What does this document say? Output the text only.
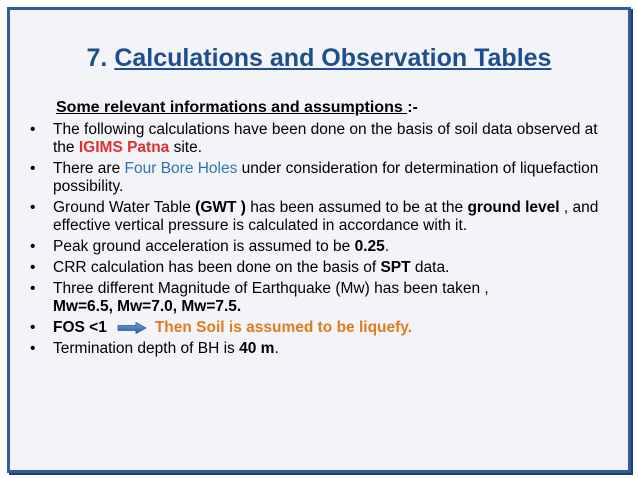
7. Calculations and Observation Tables
Some relevant informations and assumptions :-
• The following calculations have been done on the basis of soil data observed at the IGIMS Patna site.
• There are Four Bore Holes under consideration for determination of liquefaction possibility.
• Ground Water Table (GWT ) has been assumed to be at the ground level , and effective vertical pressure is calculated in accordance with it.
• Peak ground acceleration is assumed to be 0.25.
• CRR calculation has been done on the basis of SPT data.
• Three different Magnitude of Earthquake (Mw) has been taken ,
Mw=6.5, Mw=7.0, Mw=7.5.
• FOS <1	Then Soil is assumed to be liquefy.
• Termination depth of BH is 40 m.
